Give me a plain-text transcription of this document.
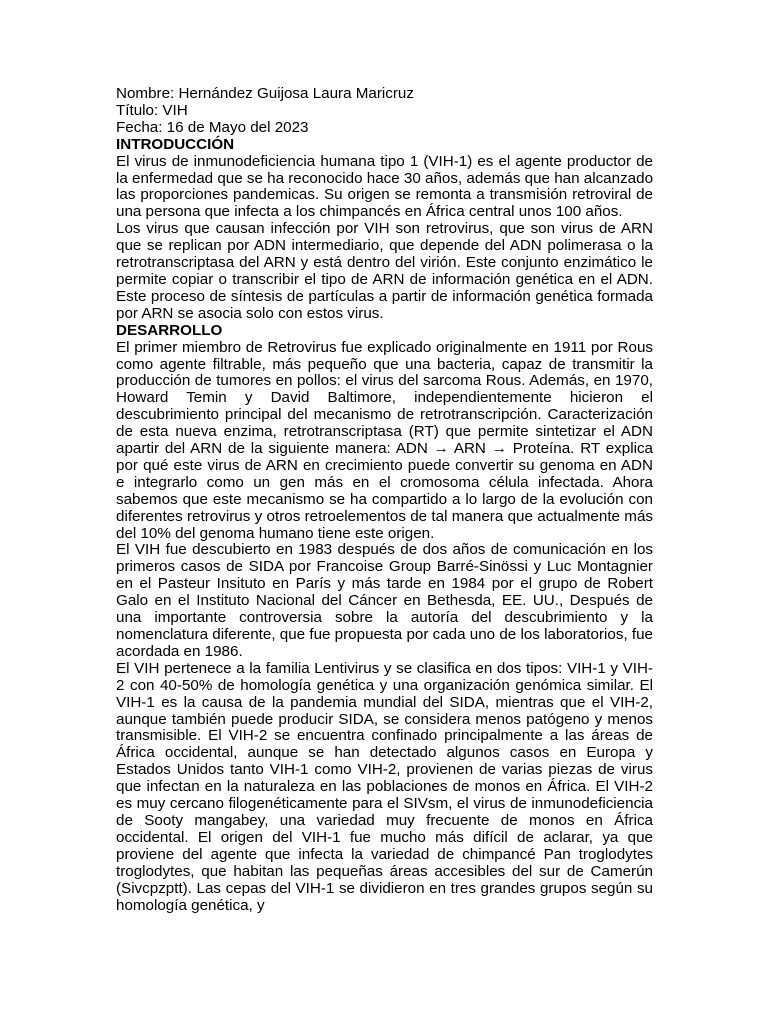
Nombre: Hernández Guijosa Laura Maricruz
Título: VIH
Fecha: 16 de Mayo del 2023
INTRODUCCIÓN

El virus de inmunodeficiencia humana tipo 1 (VIH-1) es el agente productor de la enfermedad que se ha reconocido hace 30 años, además que han alcanzado las proporciones pandemicas. Su origen se remonta a transmisión retroviral de una persona que infecta a los chimpancés en África central unos 100 años.

Los virus que causan infección por VIH son retrovirus, que son virus de ARN que se replican por ADN intermediario, que depende del ADN polimerasa o la retrotranscriptasa del ARN y está dentro del virión. Este conjunto enzimático le permite copiar o transcribir el tipo de ARN de información genética en el ADN. Este proceso de síntesis de partículas a partir de información genética formada por ARN se asocia solo con estos virus.

DESARROLLO

El primer miembro de Retrovirus fue explicado originalmente en 1911 por Rous como agente filtrable, más pequeño que una bacteria, capaz de transmitir la producción de tumores en pollos: el virus del sarcoma Rous. Además, en 1970, Howard Temin y David Baltimore, independientemente hicieron el descubrimiento principal del mecanismo de retrotranscripción. Caracterización de esta nueva enzima, retrotranscriptasa (RT) que permite sintetizar el ADN apartir del ARN de la siguiente manera: ADN → ARN → Proteína. RT explica por qué este virus de ARN en crecimiento puede convertir su genoma en ADN e integrarlo como un gen más en el cromosoma célula infectada. Ahora sabemos que este mecanismo se ha compartido a lo largo de la evolución con diferentes retrovirus y otros retroelementos de tal manera que actualmente más del 10% del genoma humano tiene este origen.

El VIH fue descubierto en 1983 después de dos años de comunicación en los primeros casos de SIDA por Francoise Group Barré-Sinössi y Luc Montagnier en el Pasteur Insituto en París y más tarde en 1984 por el grupo de Robert Galo en el Instituto Nacional del Cáncer en Bethesda, EE. UU., Después de una importante controversia sobre la autoría del descubrimiento y la nomenclatura diferente, que fue propuesta por cada uno de los laboratorios, fue acordada en 1986.

El VIH pertenece a la familia Lentivirus y se clasifica en dos tipos: VIH-1 y VIH-2 con 40-50% de homología genética y una organización genómica similar. El VIH-1 es la causa de la pandemia mundial del SIDA, mientras que el VIH-2, aunque también puede producir SIDA, se considera menos patógeno y menos transmisible. El VIH-2 se encuentra confinado principalmente a las áreas de África occidental, aunque se han detectado algunos casos en Europa y Estados Unidos tanto VIH-1 como VIH-2, provienen de varias piezas de virus que infectan en la naturaleza en las poblaciones de monos en África. El VIH-2 es muy cercano filogenéticamente para el SIVsm, el virus de inmunodeficiencia de Sooty mangabey, una variedad muy frecuente de monos en África occidental. El origen del VIH-1 fue mucho más difícil de aclarar, ya que proviene del agente que infecta la variedad de chimpancé Pan troglodytes troglodytes, que habitan las pequeñas áreas accesibles del sur de Camerún (Sivcpzptt). Las cepas del VIH-1 se dividieron en tres grandes grupos según su homología genética, y
